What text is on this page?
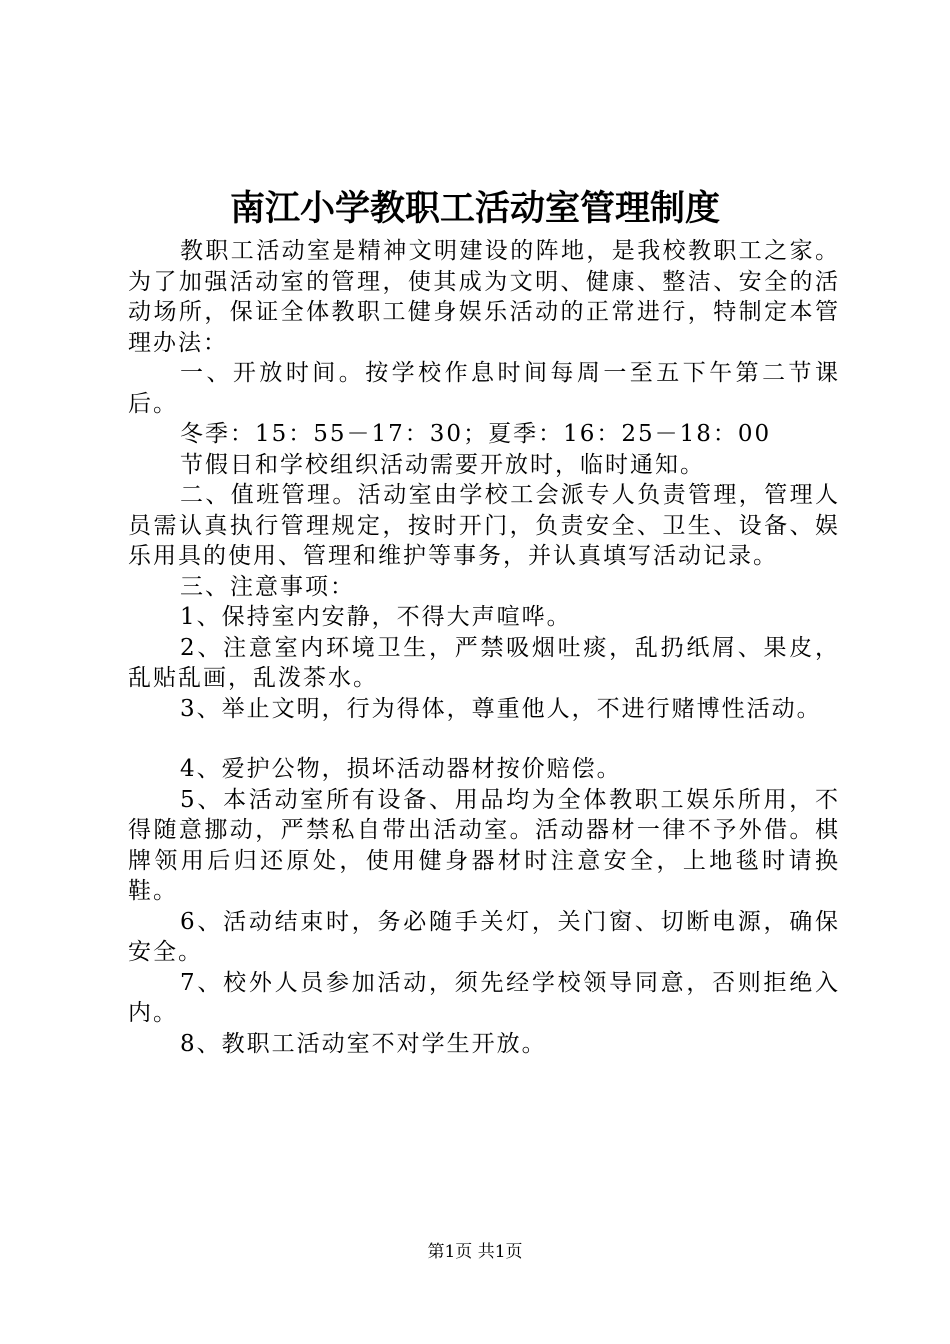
南江小学教职工活动室管理制度

教职工活动室是精神文明建设的阵地，是我校教职工之家。为了加强活动室的管理，使其成为文明、健康、整洁、安全的活动场所，保证全体教职工健身娱乐活动的正常进行，特制定本管理办法：

一、开放时间。按学校作息时间每周一至五下午第二节课后。

冬季：15：55－17：30；夏季：16：25－18：00

节假日和学校组织活动需要开放时，临时通知。

二、值班管理。活动室由学校工会派专人负责管理，管理人员需认真执行管理规定，按时开门，负责安全、卫生、设备、娱乐用具的使用、管理和维护等事务，并认真填写活动记录。

三、注意事项：

1、保持室内安静，不得大声喧哗。

2、注意室内环境卫生，严禁吸烟吐痰，乱扔纸屑、果皮，乱贴乱画，乱泼茶水。

3、举止文明，行为得体，尊重他人，不进行赌博性活动。

4、爱护公物，损坏活动器材按价赔偿。

5、本活动室所有设备、用品均为全体教职工娱乐所用，不得随意挪动，严禁私自带出活动室。活动器材一律不予外借。棋牌领用后归还原处，使用健身器材时注意安全，上地毯时请换鞋。

6、活动结束时，务必随手关灯，关门窗、切断电源，确保安全。

7、校外人员参加活动，须先经学校领导同意，否则拒绝入内。

8、教职工活动室不对学生开放。

第1页 共1页
